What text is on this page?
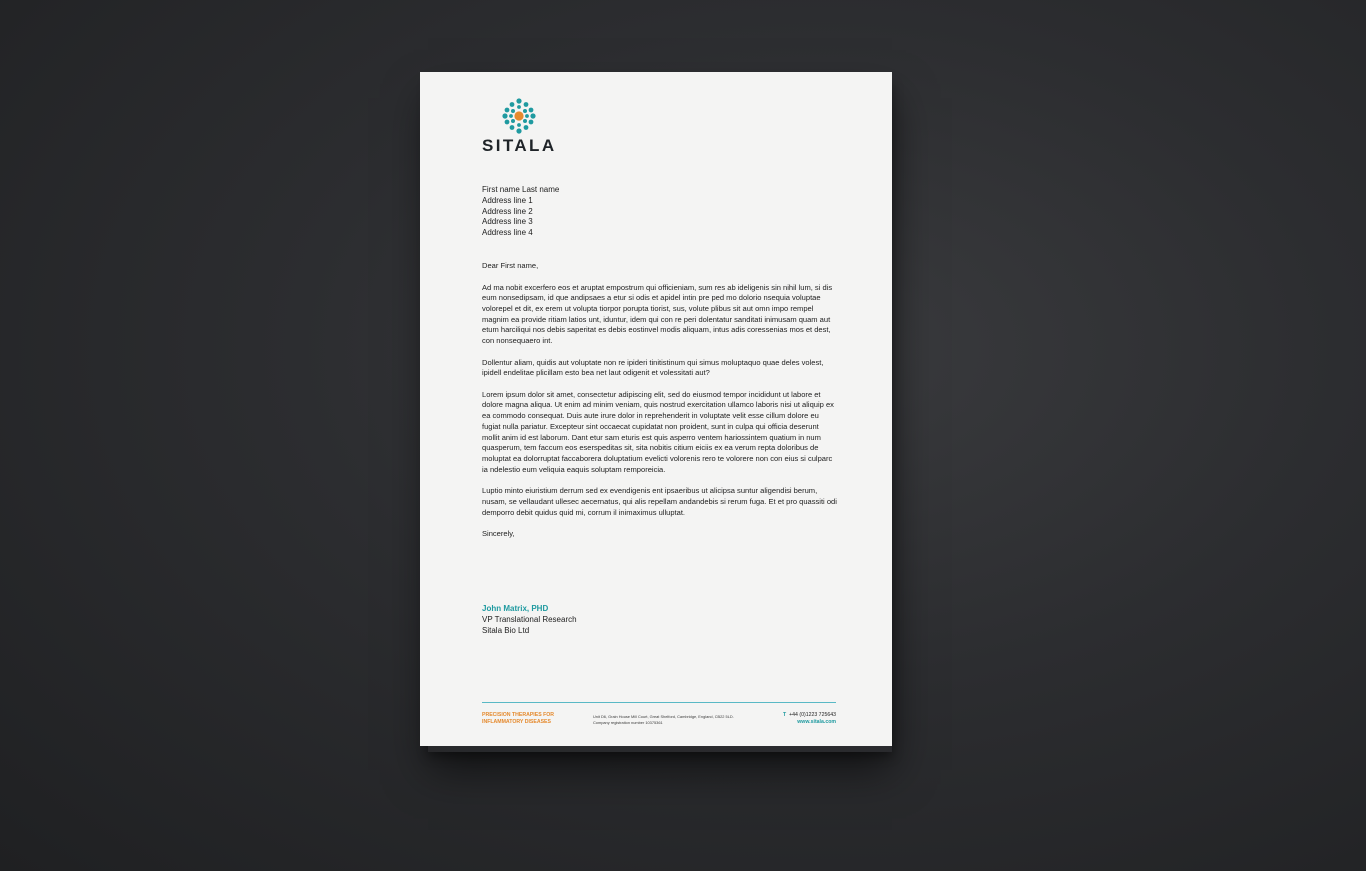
SITALA
First name Last name
Address line 1
Address line 2
Address line 3
Address line 4

Dear First name,

Ad ma nobit excerfero eos et aruptat empostrum qui officieniam, sum res ab ideligenis sin nihil lum, si dis eum nonsedipsam, id que andipsaes a etur si odis et apidel intin pre ped mo dolorio nsequia voluptae volorepel et dit, ex erem ut volupta tiorpor porupta tiorist, sus, volute plibus sit aut omn impo rempel magnim ea provide ritiam latios unt, iduntur, idem qui con re peri dolentatur sanditati inimusam quam aut etum harciliqui nos debis saperitat es debis eostinvel modis aliquam, intus adis coressenias mos et dest, con nonsequaero int.

Dollentur aliam, quidis aut voluptate non re ipideri tinitistinum qui simus moluptaquo quae deles volest, ipidell endelitae plicillam esto bea net laut odigenit et volessitati aut?

Lorem ipsum dolor sit amet, consectetur adipiscing elit, sed do eiusmod tempor incididunt ut labore et dolore magna aliqua. Ut enim ad minim veniam, quis nostrud exercitation ullamco laboris nisi ut aliquip ex ea commodo consequat. Duis aute irure dolor in reprehenderit in voluptate velit esse cillum dolore eu fugiat nulla pariatur. Excepteur sint occaecat cupidatat non proident, sunt in culpa qui officia deserunt mollit anim id est laborum. Dant etur sam eturis est quis asperro ventem hariossintem quatium in num quasperum, tem faccum eos eserspeditas sit, sita nobitis citium eiciis ex ea verum repta doloribus de moluptat ea dolorruptat faccaborera doluptatium evelicti volorenis rero te volorere non con eius si culparc ia ndelestio eum veliquia eaquis soluptam remporeicia.

Luptio minto eiuristium derrum sed ex evendigenis ent ipsaeribus ut alicipsa suntur aligendisi berum, nusam, se vellaudant ullesec aecernatus, qui alis repellam andandebis si rerum fuga. Et et pro quassiti odi demporro debit quidus quid mi, corrum il inimaximus ulluptat.

Sincerely,

John Matrix, PHD
VP Translational Research
Sitala Bio Ltd
PRECISION THERAPIES FOR
INFLAMMATORY DISEASES
Unit D6, Grain House Mill Court, Great Shelford, Cambridge, England, CB22 5LD.
Company registration number 10375361
T +44 (0)1223 725643
www.sitala.com
